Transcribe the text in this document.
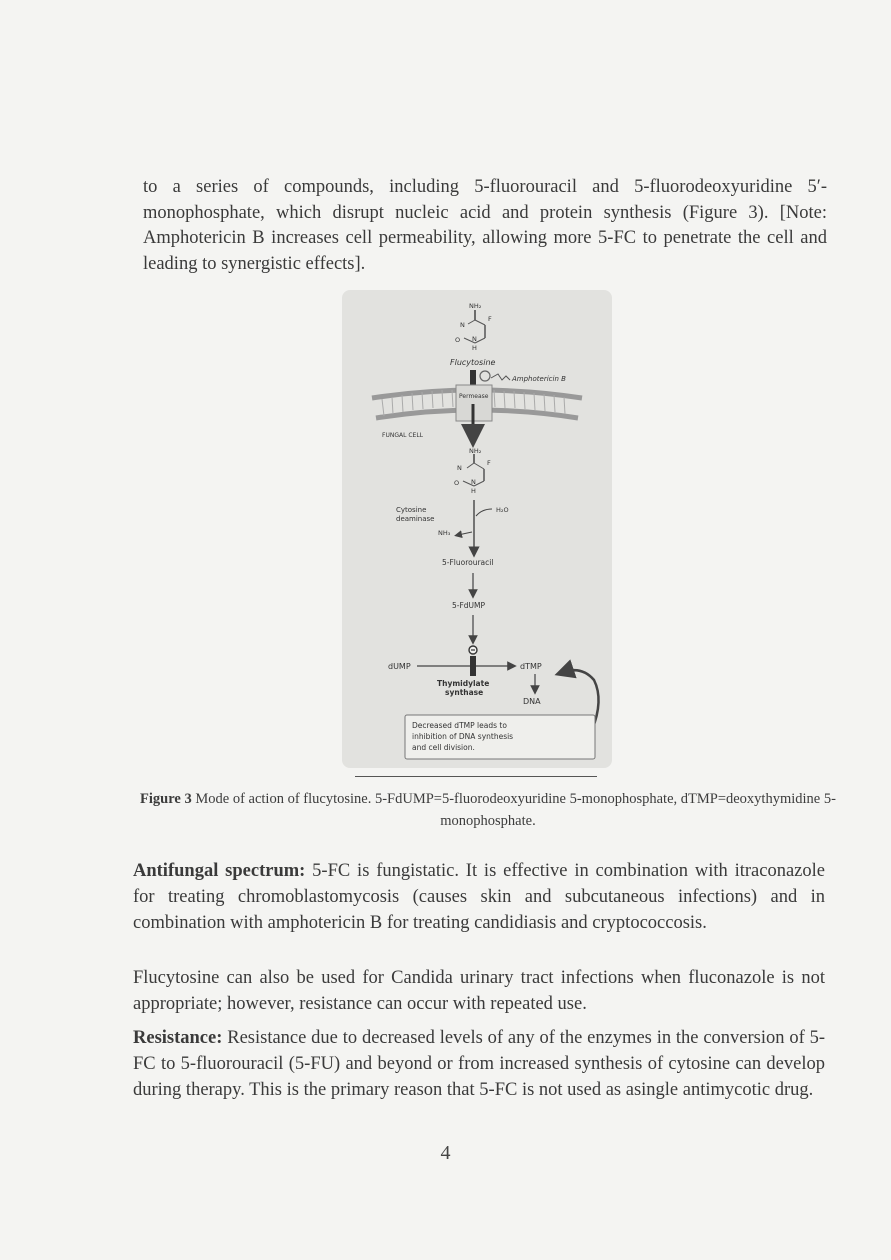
to a series of compounds, including 5-fluorouracil and 5-fluorodeoxyuridine 5′-monophosphate, which disrupt nucleic acid and protein synthesis (Figure 3). [Note: Amphotericin B increases cell permeability, allowing more 5-FC to penetrate the cell and leading to synergistic effects].

NH₂
F
N
O N
H
Flucytosine
Amphotericin B
Permease
FUNGAL CELL
NH₂
F
N
O N
H
Cytosine
deaminase
H₂O
NH₃
5-Fluorouracil
5-FdUMP
dUMP	dTMP
Thymidylate
synthase
DNA
Decreased dTMP leads to
inhibition of DNA synthesis
and cell division.
Figure 3 Mode of action of flucytosine. 5-FdUMP=5-fluorodeoxyuridine 5-monophosphate, dTMP=deoxythymidine 5-monophosphate.

Antifungal spectrum: 5-FC is fungistatic. It is effective in combination with itraconazole for treating chromoblastomycosis (causes skin and subcutaneous infections) and in combination with amphotericin B for treating candidiasis and cryptococcosis.

Flucytosine can also be used for Candida urinary tract infections when fluconazole is not appropriate; however, resistance can occur with repeated use.

Resistance: Resistance due to decreased levels of any of the enzymes in the conversion of 5-FC to 5-fluorouracil (5-FU) and beyond or from increased synthesis of cytosine can develop during therapy. This is the primary reason that 5-FC is not used as asingle antimycotic drug.

4
